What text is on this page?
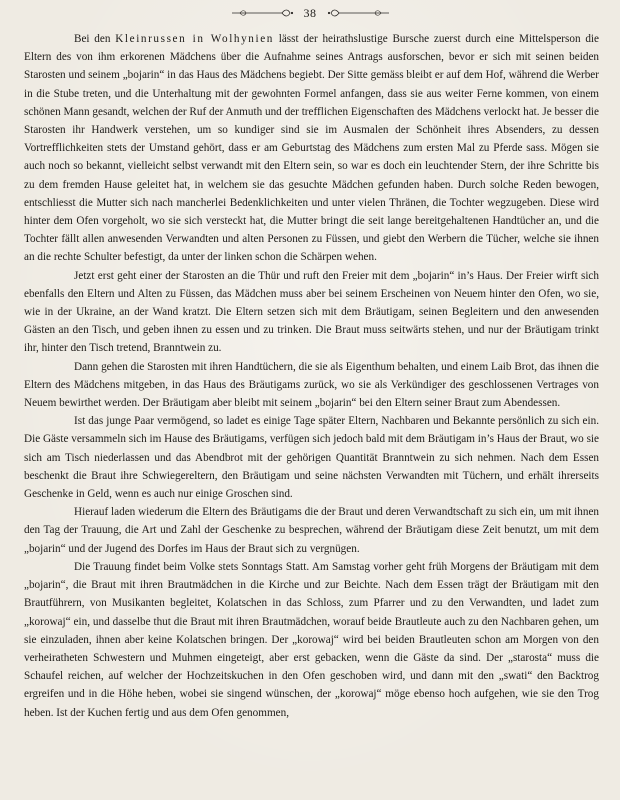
38

Bei den Kleinrussen in Wolhynien lässt der heirathslustige Bursche zuerst durch eine Mittelsperson die Eltern des von ihm erkorenen Mädchens über die Aufnahme seines Antrags ausforschen, bevor er sich mit seinen beiden Starosten und seinem „bojarin“ in das Haus des Mädchens begiebt. Der Sitte gemäss bleibt er auf dem Hof, während die Werber in die Stube treten, und die Unterhaltung mit der gewohnten Formel anfangen, dass sie aus weiter Ferne kommen, von einem schönen Mann gesandt, welchen der Ruf der Anmuth und der trefflichen Eigenschaften des Mädchens verlockt hat. Je besser die Starosten ihr Handwerk verstehen, um so kundiger sind sie im Ausmalen der Schönheit ihres Absenders, zu dessen Vortrefflichkeiten stets der Umstand gehört, dass er am Geburtstag des Mädchens zum ersten Mal zu Pferde sass. Mögen sie auch noch so bekannt, vielleicht selbst verwandt mit den Eltern sein, so war es doch ein leuchtender Stern, der ihre Schritte bis zu dem fremden Hause geleitet hat, in welchem sie das gesuchte Mädchen gefunden haben. Durch solche Reden bewogen, entschliesst die Mutter sich nach mancherlei Bedenklichkeiten und unter vielen Thränen, die Tochter wegzugeben. Diese wird hinter dem Ofen vorgeholt, wo sie sich versteckt hat, die Mutter bringt die seit lange bereitgehaltenen Handtücher an, und die Tochter fällt allen anwesenden Verwandten und alten Personen zu Füssen, und giebt den Werbern die Tücher, welche sie ihnen an die rechte Schulter befestigt, da unter der linken schon die Schärpen wehen.

Jetzt erst geht einer der Starosten an die Thür und ruft den Freier mit dem „bojarin“ in’s Haus. Der Freier wirft sich ebenfalls den Eltern und Alten zu Füssen, das Mädchen muss aber bei seinem Erscheinen von Neuem hinter den Ofen, wo sie, wie in der Ukraine, an der Wand kratzt. Die Eltern setzen sich mit dem Bräutigam, seinen Begleitern und den anwesenden Gästen an den Tisch, und geben ihnen zu essen und zu trinken. Die Braut muss seitwärts stehen, und nur der Bräutigam trinkt ihr, hinter den Tisch tretend, Branntwein zu.

Dann gehen die Starosten mit ihren Handtüchern, die sie als Eigenthum behalten, und einem Laib Brot, das ihnen die Eltern des Mädchens mitgeben, in das Haus des Bräutigams zurück, wo sie als Verkündiger des geschlossenen Vertrages von Neuem bewirthet werden. Der Bräutigam aber bleibt mit seinem „bojarin“ bei den Eltern seiner Braut zum Abendessen.

Ist das junge Paar vermögend, so ladet es einige Tage später Eltern, Nachbaren und Bekannte persönlich zu sich ein. Die Gäste versammeln sich im Hause des Bräutigams, verfügen sich jedoch bald mit dem Bräutigam in’s Haus der Braut, wo sie sich am Tisch niederlassen und das Abendbrot mit der gehörigen Quantität Branntwein zu sich nehmen. Nach dem Essen beschenkt die Braut ihre Schwiegereltern, den Bräutigam und seine nächsten Verwandten mit Tüchern, und erhält ihrerseits Geschenke in Geld, wenn es auch nur einige Groschen sind.

Hierauf laden wiederum die Eltern des Bräutigams die der Braut und deren Verwandtschaft zu sich ein, um mit ihnen den Tag der Trauung, die Art und Zahl der Geschenke zu besprechen, während der Bräutigam diese Zeit benutzt, um mit dem „bojarin“ und der Jugend des Dorfes im Haus der Braut sich zu vergnügen.

Die Trauung findet beim Volke stets Sonntags Statt. Am Samstag vorher geht früh Morgens der Bräutigam mit dem „bojarin“, die Braut mit ihren Brautmädchen in die Kirche und zur Beichte. Nach dem Essen trägt der Bräutigam mit den Brautführern, von Musikanten begleitet, Kolatschen in das Schloss, zum Pfarrer und zu den Verwandten, und ladet zum „korowaj“ ein, und dasselbe thut die Braut mit ihren Brautmädchen, worauf beide Brautleute auch zu den Nachbaren gehen, um sie einzuladen, ihnen aber keine Kolatschen bringen. Der „korowaj“ wird bei beiden Brautleuten schon am Morgen von den verheiratheten Schwestern und Muhmen eingeteigt, aber erst gebacken, wenn die Gäste da sind. Der „starosta“ muss die Schaufel reichen, auf welcher der Hochzeitskuchen in den Ofen geschoben wird, und dann mit den „swati“ den Backtrog ergreifen und in die Höhe heben, wobei sie singend wünschen, der „korowaj“ möge ebenso hoch aufgehen, wie sie den Trog heben. Ist der Kuchen fertig und aus dem Ofen genommen,
